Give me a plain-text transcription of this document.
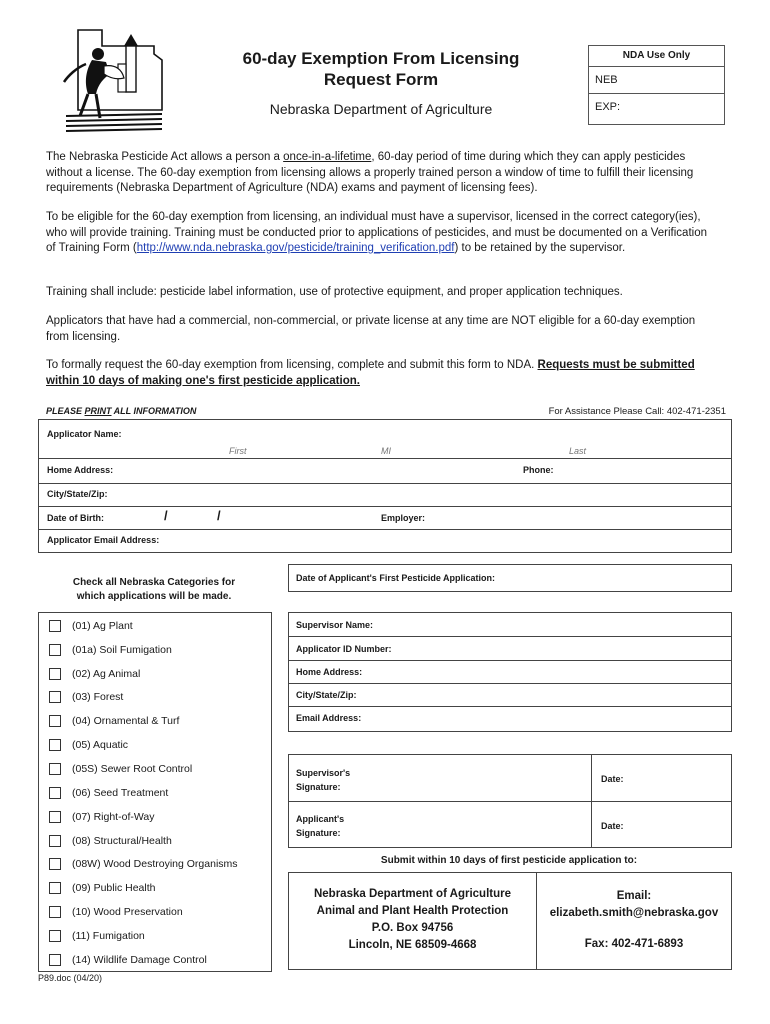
60-day Exemption From Licensing
Request Form
Nebraska Department of Agriculture
NDA Use Only
NEB
EXP:
The Nebraska Pesticide Act allows a person a once-in-a-lifetime, 60-day period of time during which they can apply pesticides without a license. The 60-day exemption from licensing allows a properly trained person a window of time to fulfill their licensing requirements (Nebraska Department of Agriculture (NDA) exams and payment of licensing fees).
To be eligible for the 60-day exemption from licensing, an individual must have a supervisor, licensed in the correct category(ies), who will provide training. Training must be conducted prior to applications of pesticides, and must be documented on a Verification of Training Form (http://www.nda.nebraska.gov/pesticide/training_verification.pdf) to be retained by the supervisor.
Training shall include: pesticide label information, use of protective equipment, and proper application techniques.
Applicators that have had a commercial, non-commercial, or private license at any time are NOT eligible for a 60-day exemption from licensing.
To formally request the 60-day exemption from licensing, complete and submit this form to NDA. Requests must be submitted within 10 days of making one's first pesticide application.
PLEASE PRINT ALL INFORMATION	For Assistance Please Call: 402-471-2351
Applicator Name:
First	MI	Last
Home Address:	Phone:
City/State/Zip:
Date of Birth:	/	/	Employer:
Applicator Email Address:
Check all Nebraska Categories for
which applications will be made.
(01) Ag Plant
(01a) Soil Fumigation
(02) Ag Animal
(03) Forest
(04) Ornamental & Turf
(05) Aquatic
(05S) Sewer Root Control
(06) Seed Treatment
(07) Right-of-Way
(08) Structural/Health
(08W) Wood Destroying Organisms
(09) Public Health
(10) Wood Preservation
(11) Fumigation
(14) Wildlife Damage Control
Date of Applicant's First Pesticide Application:
Supervisor Name:
Applicator ID Number:
Home Address:
City/State/Zip:
Email Address:
Supervisor's
Signature:
Date:
Applicant's
Signature:
Date:
Submit within 10 days of first pesticide application to:
Nebraska Department of Agriculture
Animal and Plant Health Protection
P.O. Box 94756
Lincoln, NE 68509-4668
Email:
elizabeth.smith@nebraska.gov
Fax: 402-471-6893
P89.doc (04/20)
